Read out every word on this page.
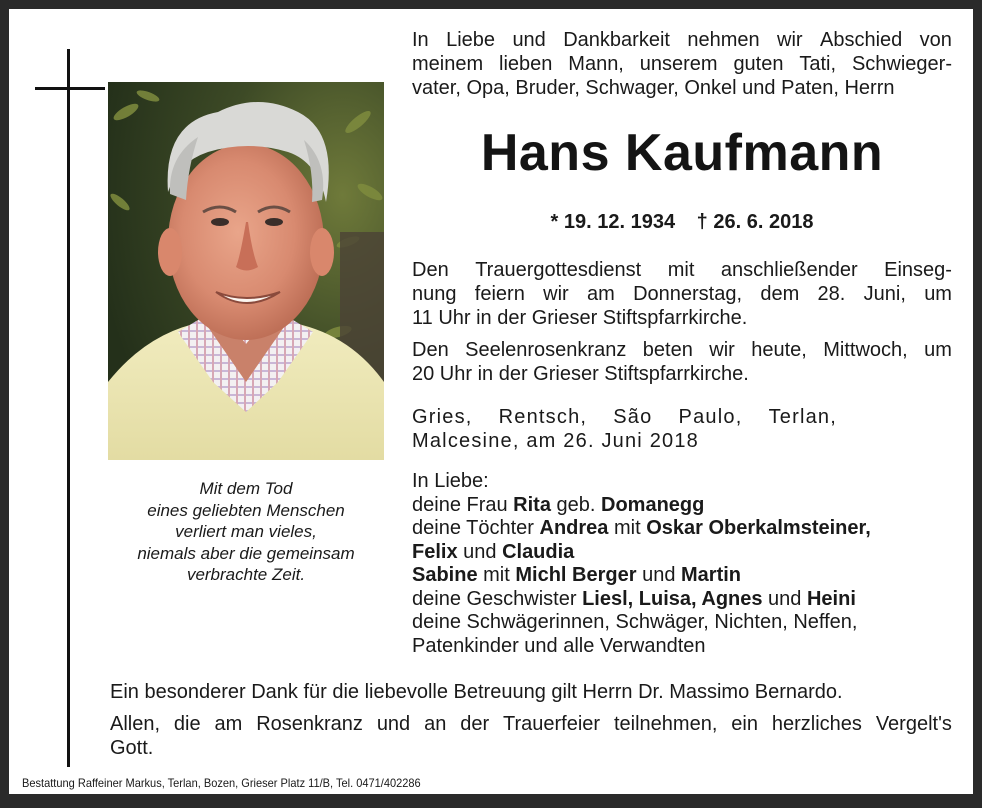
Mit dem Tod
eines geliebten Menschen
verliert man vieles,
niemals aber die gemeinsam
verbrachte Zeit.
In Liebe und Dankbarkeit nehmen wir Abschied von
meinem lieben Mann, unserem guten Tati, Schwieger-
vater, Opa, Bruder, Schwager, Onkel und Paten, Herrn
Hans Kaufmann
* 19. 12. 1934 † 26. 6. 2018
Den Trauergottesdienst mit anschließender Einseg-
nung feiern wir am Donnerstag, dem 28. Juni, um
11 Uhr in der Grieser Stiftspfarrkirche.
Den Seelenrosenkranz beten wir heute, Mittwoch, um
20 Uhr in der Grieser Stiftspfarrkirche.
Gries, Rentsch, São Paulo, Terlan,
Malcesine, am 26. Juni 2018
In Liebe:
deine Frau Rita geb. Domanegg
deine Töchter Andrea mit Oskar Oberkalmsteiner,
Felix und Claudia
Sabine mit Michl Berger und Martin
deine Geschwister Liesl, Luisa, Agnes und Heini
deine Schwägerinnen, Schwäger, Nichten, Neffen,
Patenkinder und alle Verwandten
Ein besonderer Dank für die liebevolle Betreuung gilt Herrn Dr. Massimo Bernardo.
Allen, die am Rosenkranz und an der Trauerfeier teilnehmen, ein herzliches Vergelt's
Gott.
Bestattung Raffeiner Markus, Terlan, Bozen, Grieser Platz 11/B, Tel. 0471/402286
